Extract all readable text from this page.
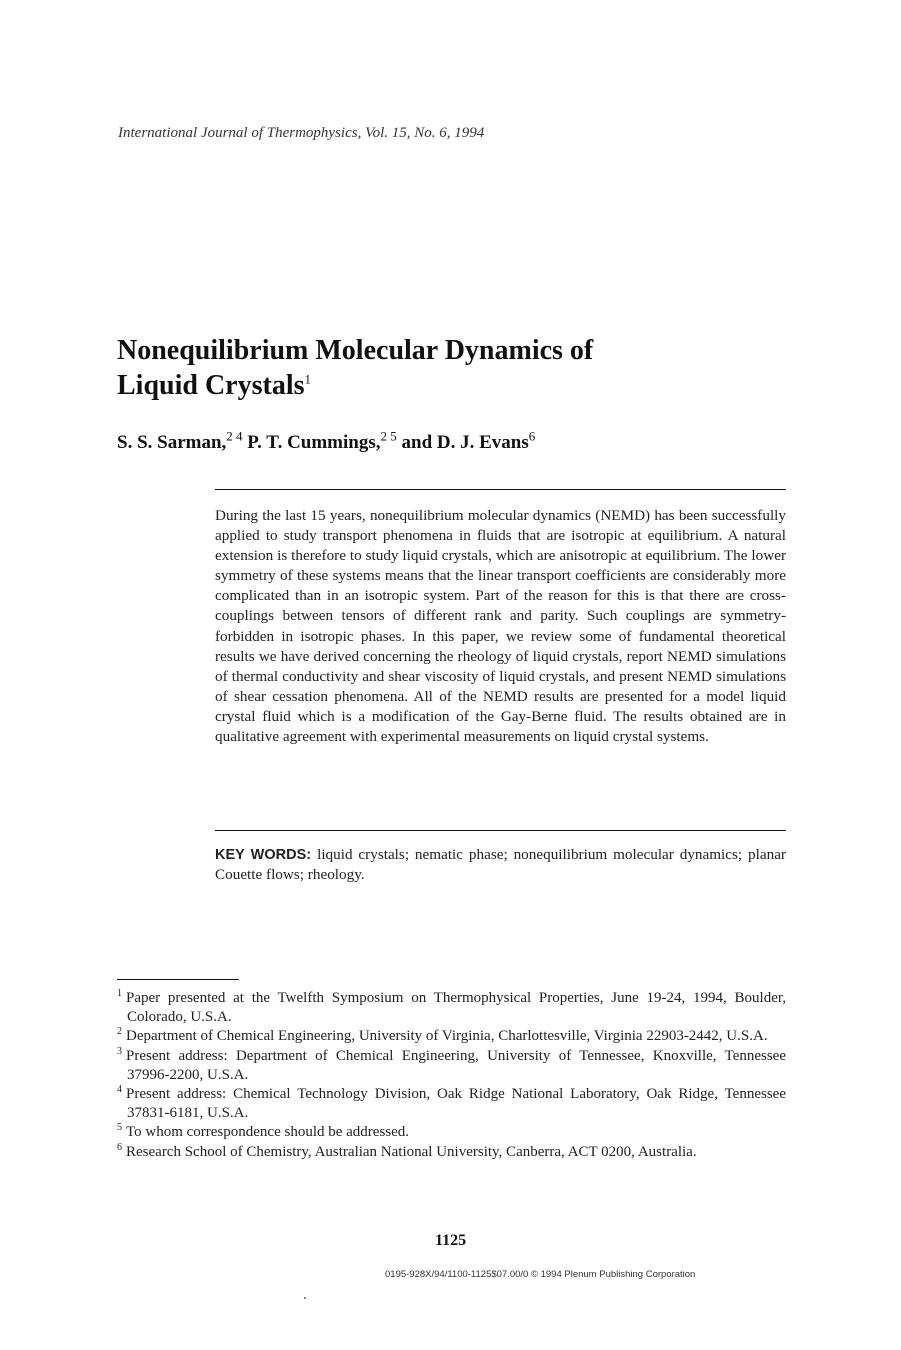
International Journal of Thermophysics, Vol. 15, No. 6, 1994
Nonequilibrium Molecular Dynamics of
Liquid Crystals$^1$
S. S. Sarman,$^{2 4}$ P. T. Cummings,$^{2 5}$ and D. J. Evans$^6$
During the last 15 years, nonequilibrium molecular dynamics (NEMD) has been successfully applied to study transport phenomena in fluids that are isotropic at equilibrium. A natural extension is therefore to study liquid crystals, which are anisotropic at equilibrium. The lower symmetry of these systems means that the linear transport coefficients are considerably more complicated than in an isotropic system. Part of the reason for this is that there are cross-couplings between tensors of different rank and parity. Such couplings are symmetry-forbidden in isotropic phases. In this paper, we review some of fundamental theoretical results we have derived concerning the rheology of liquid crystals, report NEMD simulations of thermal conductivity and shear viscosity of liquid crystals, and present NEMD simulations of shear cessation phenomena. All of the NEMD results are presented for a model liquid crystal fluid which is a modification of the Gay-Berne fluid. The results obtained are in qualitative agreement with experimental measurements on liquid crystal systems.
KEY WORDS: liquid crystals; nematic phase; nonequilibrium molecular dynamics; planar Couette flows; rheology.

$^1$ Paper presented at the Twelfth Symposium on Thermophysical Properties, June 19-24, 1994, Boulder, Colorado, U.S.A.

$^2$ Department of Chemical Engineering, University of Virginia, Charlottesville, Virginia 22903-2442, U.S.A.

$^3$ Present address: Department of Chemical Engineering, University of Tennessee, Knoxville, Tennessee 37996-2200, U.S.A.

$^4$ Present address: Chemical Technology Division, Oak Ridge National Laboratory, Oak Ridge, Tennessee 37831-6181, U.S.A.

$^5$ To whom correspondence should be addressed.

$^6$ Research School of Chemistry, Australian National University, Canberra, ACT 0200, Australia.

1125
0195-928X/94/1100-1125$07.00/0 © 1994 Plenum Publishing Corporation
